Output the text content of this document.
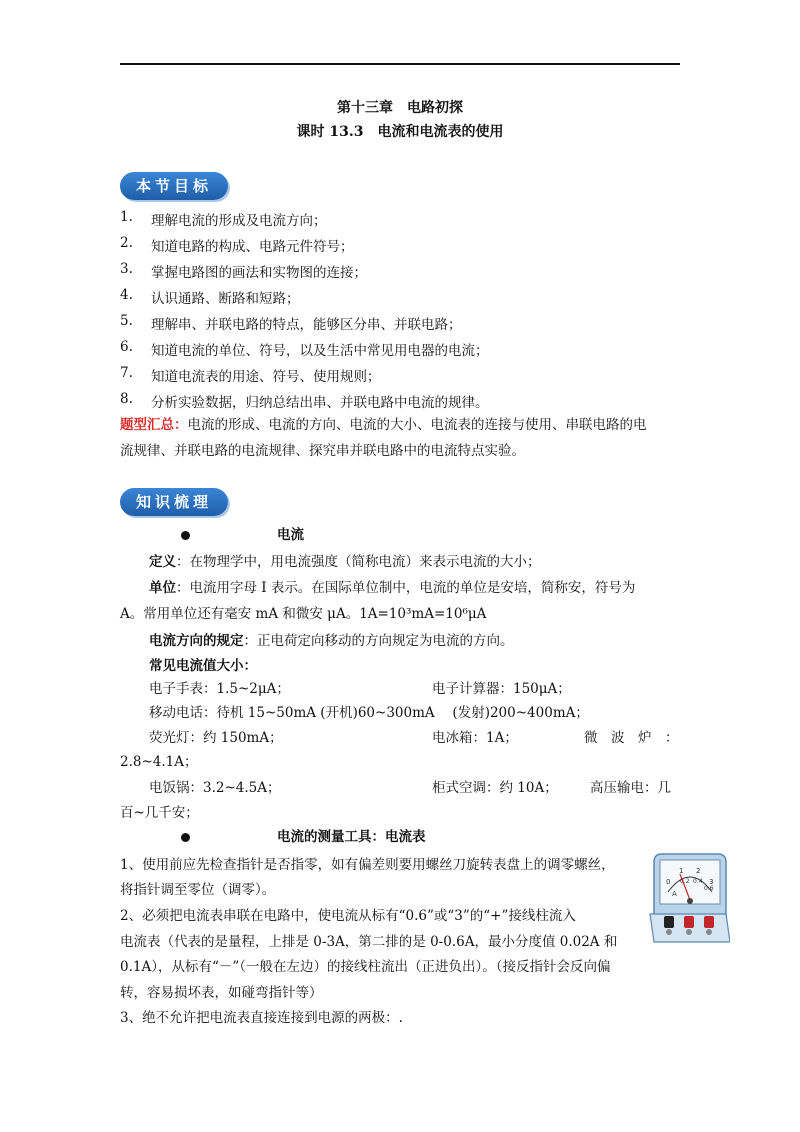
第十三章　电路初探
课时 13.3　电流和电流表的使用
本节目标
1. 理解电流的形成及电流方向；
2. 知道电路的构成、电路元件符号；
3. 掌握电路图的画法和实物图的连接；
4. 认识通路、断路和短路；
5. 理解串、并联电路的特点，能够区分串、并联电路；
6. 知道电流的单位、符号，以及生活中常见用电器的电流；
7. 知道电流表的用途、符号、使用规则；
8. 分析实验数据，归纳总结出串、并联电路中电流的规律。
题型汇总：电流的形成、电流的方向、电流的大小、电流表的连接与使用、串联电路的电
流规律、并联电路的电流规律、探究串并联电路中的电流特点实验。
知识梳理
电流
定义：在物理学中，用电流强度（简称电流）来表示电流的大小；
单位：电流用字母 I 表示。在国际单位制中，电流的单位是安培，简称安，符号为
A。常用单位还有毫安 mA 和微安 μA。1A=10³mA=10⁶μA
电流方向的规定：正电荷定向移动的方向规定为电流的方向。
常见电流值大小：
电子手表：1.5~2μA；	电子计算器：150μA；
移动电话：待机 15~50mA (开机)60~300mA　 (发射)200~400mA；
荧光灯：约 150mA；	电冰箱：1A；	微　波　炉　：
2.8~4.1A；
电饭锅：3.2~4.5A；	柜式空调：约 10A； 高压输电：几
百~几千安；
电流的测量工具：电流表
1、使用前应先检查指针是否指零，如有偏差则要用螺丝刀旋转表盘上的调零螺丝，
将指针调至零位（调零）。
2、必须把电流表串联在电路中，使电流从标有“0.6”或“3”的“+”接线柱流入
电流表（代表的是量程，上排是 0-3A，第二排的是 0-0.6A，最小分度值 0.02A 和
0.1A），从标有“－”（一般在左边）的接线柱流出（正进负出）。（接反指针会反向偏
转，容易损坏表，如碰弯指针等）
3、绝不允许把电流表直接连接到电源的两极：.
0
1 2
3
0.2 0.4
0.6
A
